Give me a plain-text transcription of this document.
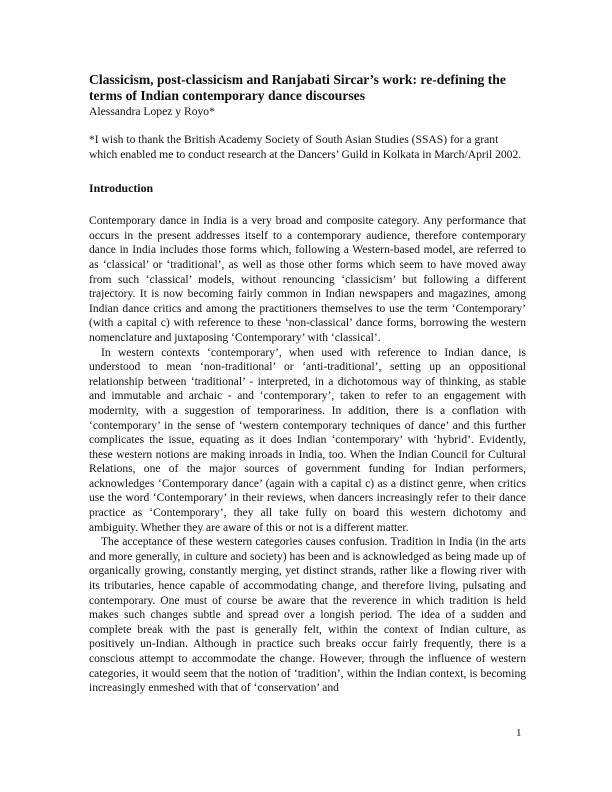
Classicism, post-classicism and Ranjabati Sircar’s work: re-defining the terms of Indian contemporary dance discourses

Alessandra Lopez y Royo*

*I wish to thank the British Academy Society of South Asian Studies (SSAS) for a grant which enabled me to conduct research at the Dancers’ Guild in Kolkata in March/April 2002.

Introduction

Contemporary dance in India is a very broad and composite category. Any performance that occurs in the present addresses itself to a contemporary audience, therefore contemporary dance in India includes those forms which, following a Western-based model, are referred to as ‘classical’ or ‘traditional’, as well as those other forms which seem to have moved away from such ‘classical’ models, without renouncing ‘classicism’ but following a different trajectory. It is now becoming fairly common in Indian newspapers and magazines, among Indian dance critics and among the practitioners themselves to use the term ‘Contemporary’ (with a capital c) with reference to these ‘non-classical’ dance forms, borrowing the western nomenclature and juxtaposing ‘Contemporary’ with ‘classical’.

In western contexts ‘contemporary’, when used with reference to Indian dance, is understood to mean ‘non-traditional’ or ‘anti-traditional’, setting up an oppositional relationship between ‘traditional’ - interpreted, in a dichotomous way of thinking, as stable and immutable and archaic - and ‘contemporary’, taken to refer to an engagement with modernity, with a suggestion of temporariness. In addition, there is a conflation with ‘contemporary’ in the sense of ‘western contemporary techniques of dance’ and this further complicates the issue, equating as it does Indian ‘contemporary’ with ‘hybrid’. Evidently, these western notions are making inroads in India, too. When the Indian Council for Cultural Relations, one of the major sources of government funding for Indian performers, acknowledges ‘Contemporary dance’ (again with a capital c) as a distinct genre, when critics use the word ‘Contemporary’ in their reviews, when dancers increasingly refer to their dance practice as ‘Contemporary’, they all take fully on board this western dichotomy and ambiguity. Whether they are aware of this or not is a different matter.

The acceptance of these western categories causes confusion. Tradition in India (in the arts and more generally, in culture and society) has been and is acknowledged as being made up of organically growing, constantly merging, yet distinct strands, rather like a flowing river with its tributaries, hence capable of accommodating change, and therefore living, pulsating and contemporary. One must of course be aware that the reverence in which tradition is held makes such changes subtle and spread over a longish period. The idea of a sudden and complete break with the past is generally felt, within the context of Indian culture, as positively un-Indian. Although in practice such breaks occur fairly frequently, there is a conscious attempt to accommodate the change. However, through the influence of western categories, it would seem that the notion of ‘tradition’, within the Indian context, is becoming increasingly enmeshed with that of ‘conservation’ and

1
